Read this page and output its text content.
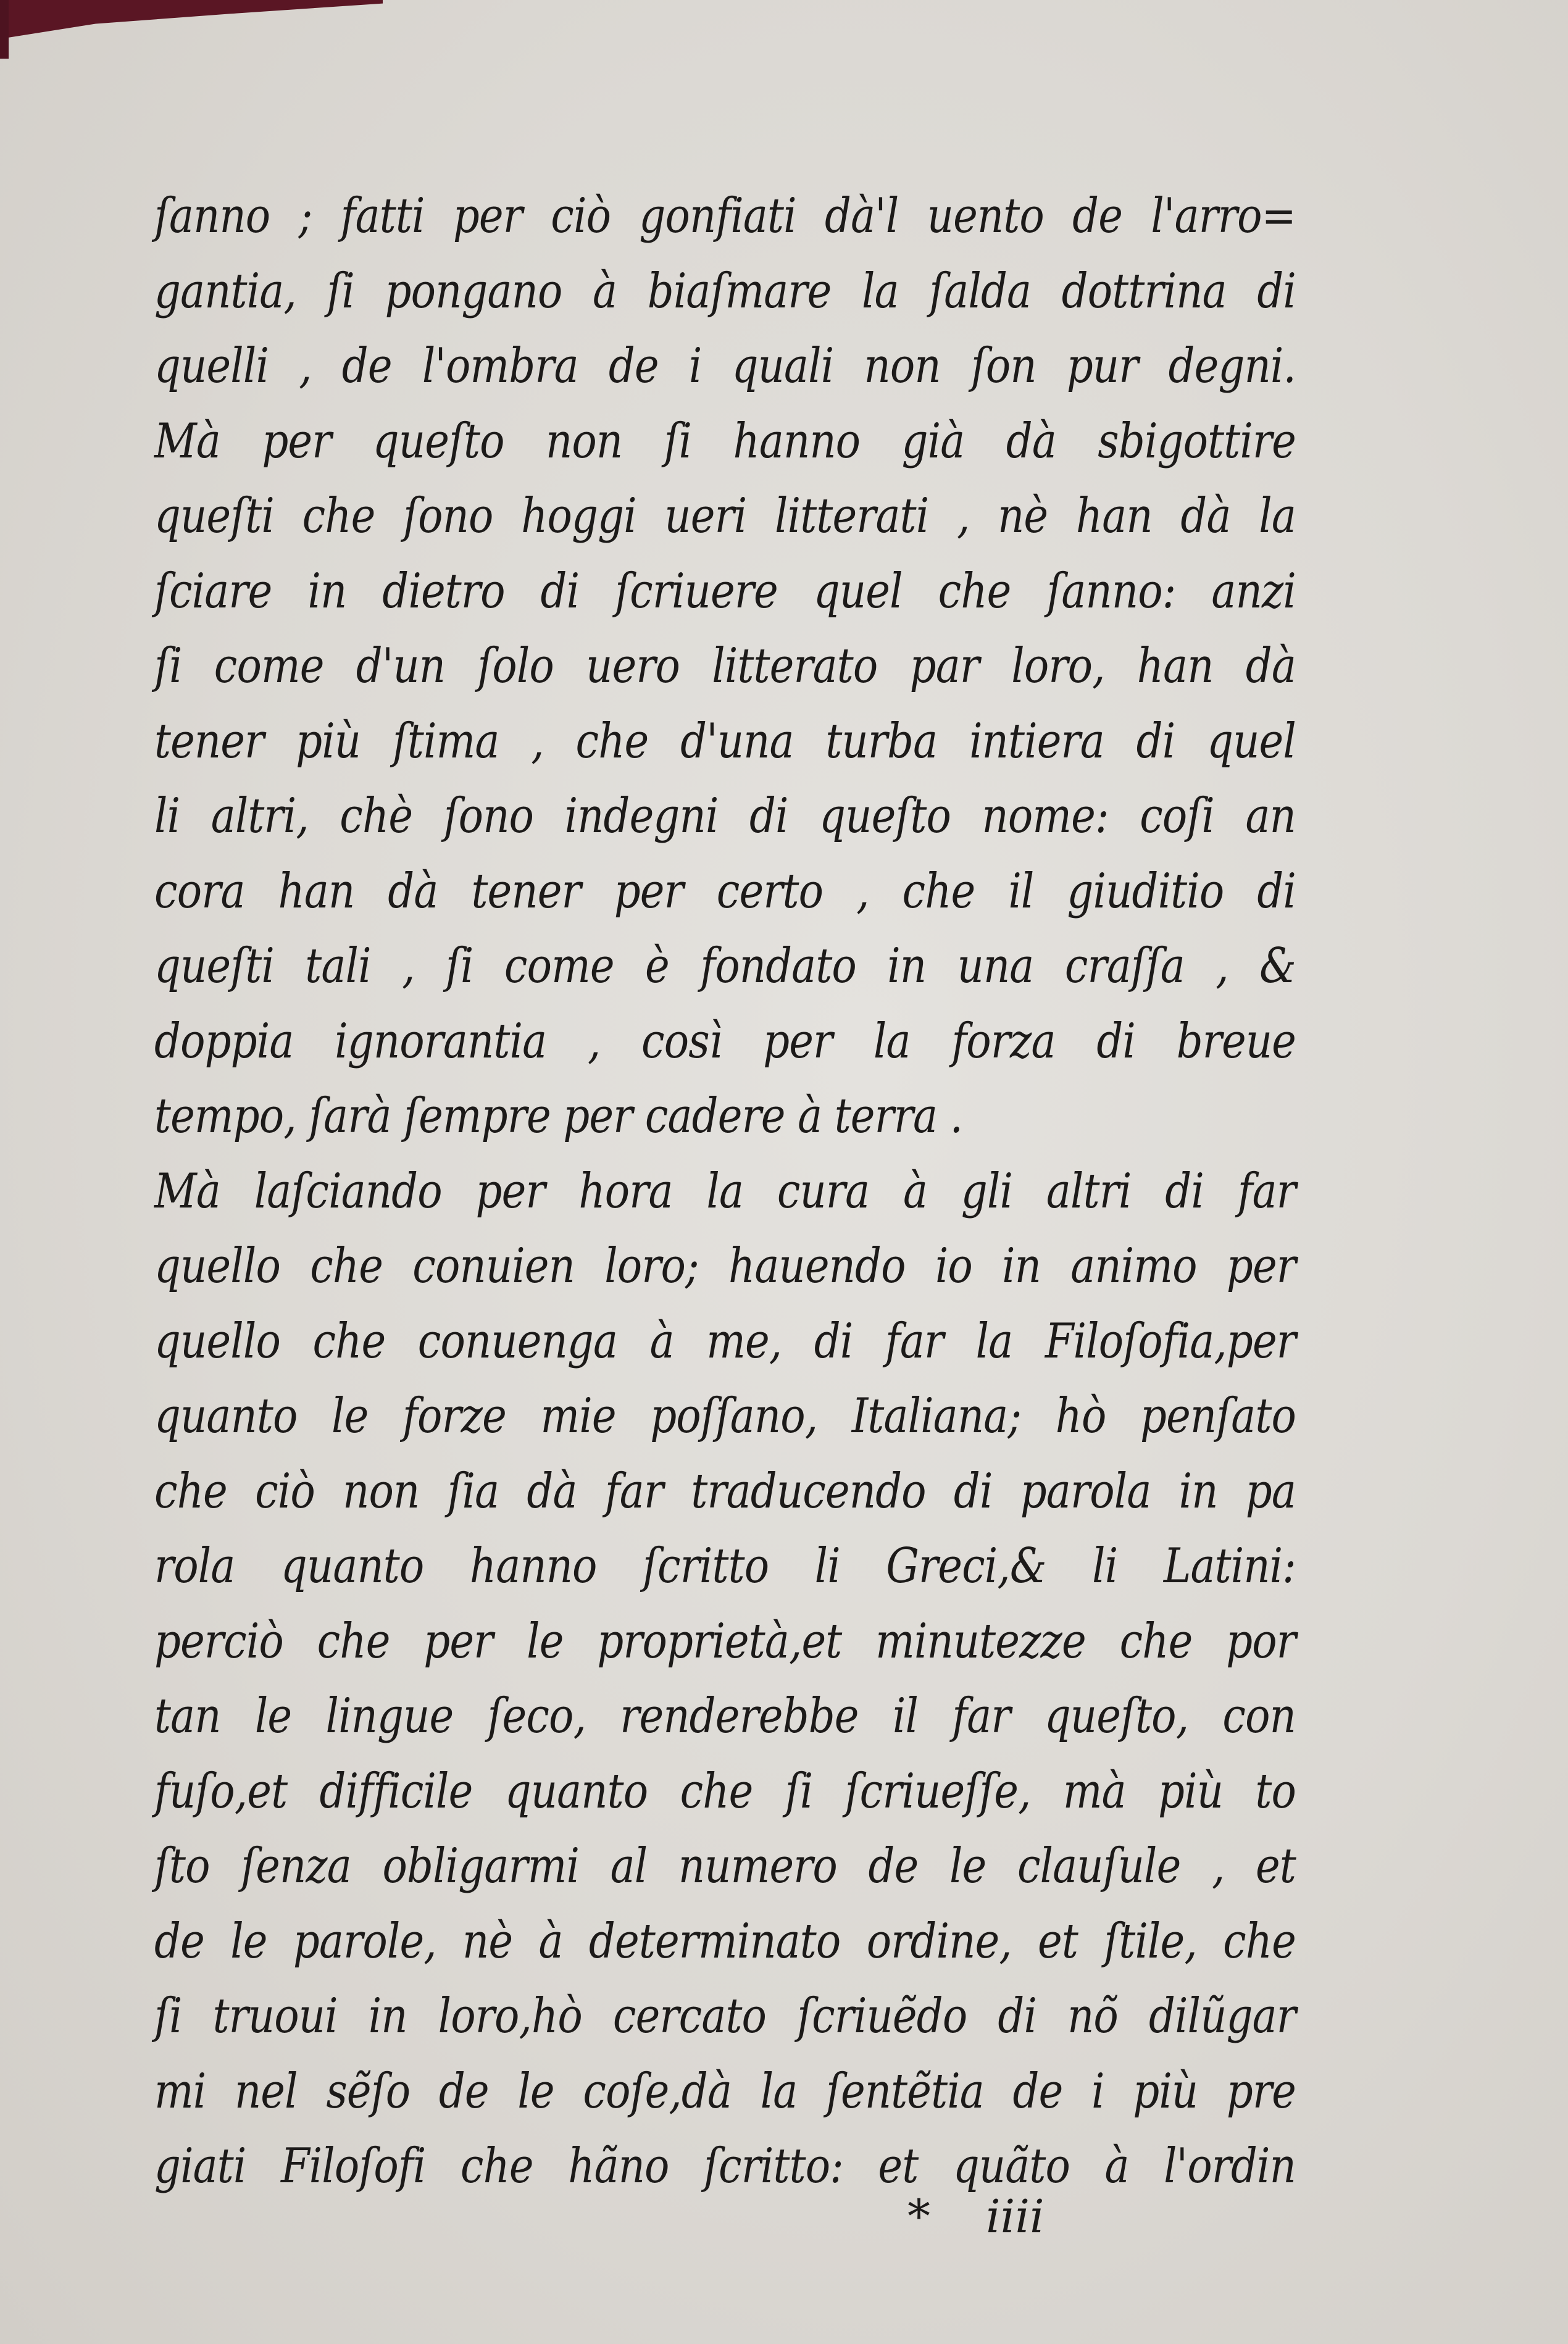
ſanno ; fatti per ciò gonfiati dà'l uento de l'arro=
gantia, ſi pongano à biaſmare la ſalda dottrina di
quelli , de l'ombra de i quali non ſon pur degni.
Mà per queſto non ſi hanno già dà sbigottire
queſti che ſono hoggi ueri litterati , nè han dà la
ſciare in dietro di ſcriuere quel che ſanno: anzi
ſi come d'un ſolo uero litterato par loro, han dà
tener più ſtima , che d'una turba intiera di quel
li altri, chè ſono indegni di queſto nome: coſi an
cora han dà tener per certo , che il giuditio di
queſti tali , ſi come è fondato in una craſſa , &
doppia ignorantia , così per la forza di breue
tempo, ſarà ſempre per cadere à terra .
Mà laſciando per hora la cura à gli altri di far
quello che conuien loro; hauendo io in animo per
quello che conuenga à me, di far la Filoſofia,per
quanto le forze mie poſſano, Italiana; hò penſato
che ciò non ſia dà far traducendo di parola in pa
rola quanto hanno ſcritto li Greci,& li Latini:
perciò che per le proprietà,et minutezze che por
tan le lingue ſeco, renderebbe il far queſto, con
fuſo,et difficile quanto che ſi ſcriueſſe, mà più to
ſto ſenza obligarmi al numero de le clauſule , et
de le parole, nè à determinato ordine, et ſtile, che
ſi truoui in loro,hò cercato ſcriuẽdo di nõ dilũgar
mi nel sẽſo de le coſe,dà la ſentẽtia de i più pre
giati Filoſofi che hãno ſcritto: et quãto à l'ordin
* iiii
